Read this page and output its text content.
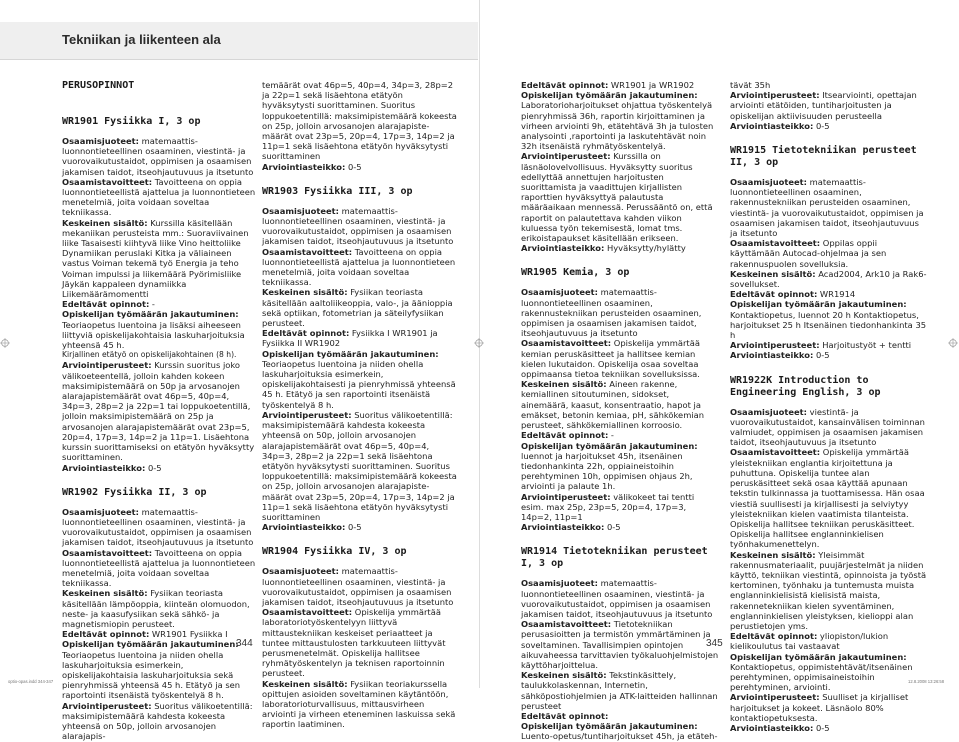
Tekniikan ja liikenteen ala

PERUSOPINNOT

WR1901 Fysiikka I, 3 op

Osaamisjuoteet: matemaattis-luonnontieteellinen osaaminen, viestintä- ja vuorovaikutustaidot, oppimisen ja osaamisen jakamisen taidot, itseohjautuvuus ja itsetunto

Osaamistavoitteet: Tavoitteena on oppia luonnontieteellistä ajattelua ja luonnontieteen menetelmiä, joita voidaan soveltaa tekniikassa.

Keskeinen sisältö: Kurssilla käsitellään mekaniikan perusteista mm.: Suoraviivainen liike Tasaisesti kiihtyvä liike Vino heittoliike Dynamiikan peruslaki Kitka ja väliaineen vastus Voiman tekemä työ Energia ja teho Voiman impulssi ja liikemäärä Pyörimisliike Jäykän kappaleen dynamiikka Liikemäärämomentti

Edeltävät opinnot: -

Opiskelijan työmäärän jakautuminen: Teoriaopetus luentoina ja lisäksi aiheeseen liittyviä opiskelijakohtaisia laskuharjoituksia yhteensä 45 h.

Kirjallinen etätyö on opiskelijakohtainen (8 h).

Arviointiperusteet: Kurssin suoritus joko välikoeteentellä, jolloin kahden kokeen maksimipistemäärä on 50p ja arvosanojen alarajapistemäärät ovat 46p=5, 40p=4, 34p=3, 28p=2 ja 22p=1 tai loppukoetentillä, jolloin maksimipistemäärä on 25p ja arvosanojen alarajapistemäärät ovat 23p=5, 20p=4, 17p=3, 14p=2 ja 11p=1. Lisäehtona kurssin suorittamiseksi on etätyön hyväksytty suorittaminen.

Arviointiasteikko: 0-5

WR1902 Fysiikka II, 3 op

Osaamisjuoteet: matemaattis-luonnontieteellinen osaaminen, viestintä- ja vuorovaikutustaidot, oppimisen ja osaamisen jakamisen taidot, itseohjautuvuus ja itsetunto

Osaamistavoitteet: Tavoitteena on oppia luonnontieteellistä ajattelua ja luonnontieteen menetelmiä, joita voidaan soveltaa tekniikassa.

Keskeinen sisältö: Fysiikan teoriasta käsitellään lämpöoppia, kiinteän olomuodon, neste- ja kaasufysiikan sekä sähkö- ja magnetismiopin perusteet.

Edeltävät opinnot: WR1901 Fysiikka I

Opiskelijan työmäärän jakautuminen: Teoriaopetus luentoina ja niiden ohella laskuharjoituksia esimerkein, opiskelijakohtaisia laskuharjoituksia sekä pienryhmissä yhteensä 45 h. Etätyö ja sen raportointi itsenäistä työskentelyä 8 h.

Arviointiperusteet: Suoritus välikoetentillä: maksimipistemäärä kahdesta kokeesta yhteensä on 50p, jolloin arvosanojen alarajapis-

temäärät ovat 46p=5, 40p=4, 34p=3, 28p=2 ja 22p=1 sekä lisäehtona etätyön hyväksytysti suorittaminen. Suoritus loppukoetentillä: maksimipistemäärä kokeesta on 25p, jolloin arvosanojen alarajapiste- määrät ovat 23p=5, 20p=4, 17p=3, 14p=2 ja 11p=1 sekä lisäehtona etätyön hyväksytysti suorittaminen

Arviointiasteikko: 0-5

WR1903 Fysiikka III, 3 op

Osaamisjuoteet: matemaattis-luonnontieteellinen osaaminen, viestintä- ja vuorovaikutustaidot, oppimisen ja osaamisen jakamisen taidot, itseohjautuvuus ja itsetunto

Osaamistavoitteet: Tavoitteena on oppia luonnontieteellistä ajattelua ja luonnontieteen menetelmiä, joita voidaan soveltaa tekniikassa.

Keskeinen sisältö: Fysiikan teoriasta käsitellään aaltoliikeoppia, valo-, ja äänioppia sekä optiikan, fotometrian ja säteilyfysiikan perusteet.

Edeltävät opinnot: Fysiikka I WR1901 ja Fysiikka II WR1902

Opiskelijan työmäärän jakautuminen: Teoriaopetus luentoina ja niiden ohella laskuharjoituksia esimerkein, opiskelijakohtaisesti ja pienryhmissä yhteensä 45 h. Etätyö ja sen raportointi itsenäistä työskentelyä 8 h.

Arviointiperusteet: Suoritus välikoetentillä: maksimipistemäärä kahdesta kokeesta yhteensä on 50p, jolloin arvosanojen alarajapistemäärät ovat 46p=5, 40p=4, 34p=3, 28p=2 ja 22p=1 sekä lisäehtona etätyön hyväksytysti suorittaminen. Suoritus loppukoetentillä: maksimipistemäärä kokeesta on 25p, jolloin arvosanojen alarajapiste- määrät ovat 23p=5, 20p=4, 17p=3, 14p=2 ja 11p=1 sekä lisäehtona etätyön hyväksytysti suorittaminen

Arviointiasteikko: 0-5

WR1904 Fysiikka IV, 3 op

Osaamisjuoteet: matemaattis-luonnontieteellinen osaaminen, viestintä- ja vuorovaikutustaidot, oppimisen ja osaamisen jakamisen taidot, itseohjautuvuus ja itsetunto

Osaamistavoitteet: Opiskelija ymmärtää laboratoriotyöskentelyyn liittyvä mittaustekniikan keskeiset periaatteet ja tuntee mittaustulosten tarkkuuteen liittyvät perusmenetelmät. Opiskelija hallitsee ryhmätyöskentelyn ja teknisen raportoinnin perusteet.

Keskeinen sisältö: Fysiikan teoriakurssella opittujen asioiden soveltaminen käytäntöön, laboratorioturvallisuus, mittausvirheen arviointi ja virheen eteneminen laskuissa sekä raportin laatiminen.

344
optio-opas.indd 344-347

Edeltävät opinnot: WR1901 ja WR1902

Opiskelijan työmäärän jakautuminen: Laboratorioharjoitukset ohjattua työskentelyä pienryhmissä 36h, raportin kirjoittaminen ja virheen arviointi 9h, etätehtävä 3h ja tulosten analysointi ,raportointi ja laskutehtävät noin 32h itsenäistä ryhmätyöskentelyä.

Arviointiperusteet: Kurssilla on läsnäolovelvollisuus. Hyväksytty suoritus edellyttää annettujen harjoitusten suorittamista ja vaadittujen kirjallisten raporttien hyväksyttyä palautusta määräaikaan mennessä. Perussääntö on, että raportit on palautettava kahden viikon kuluessa työn tekemisestä, lomat tms. erikoistapaukset käsitellään erikseen.

Arviointiasteikko: Hyväksytty/hylätty

WR1905 Kemia, 3 op

Osaamisjuoteet: matemaattis-luonnontieteellinen osaaminen, rakennustekniikan perusteiden osaaminen, oppimisen ja osaamisen jakamisen taidot, itseohjautuvuus ja itsetunto

Osaamistavoitteet: Opiskelija ymmärtää kemian peruskäsitteet ja hallitsee kemian kielen lukutaidon. Opiskelija osaa soveltaa oppimaansa tietoa tekniikan sovelluksissa.

Keskeinen sisältö: Aineen rakenne, kemiallinen sitoutuminen, sidokset, ainemäärä, kaasut, konsentraatio, hapot ja emäkset, betonin kemiaa, pH, sähkökemian perusteet, sähkökemiallinen korroosio.

Edeltävät opinnot: -

Opiskelijan työmäärän jakautuminen: luennot ja harjoitukset 45h, itsenäinen tiedonhankinta 22h, oppiaineistoihin perehtyminen 10h, oppimisen ohjaus 2h, arviointi ja palaute 1h.

Arviointiperusteet: välikokeet tai tentti esim. max 25p, 23p=5, 20p=4, 17p=3, 14p=2, 11p=1

Arviointiasteikko: 0-5

WR1914 Tietotekniikan perusteet I, 3 op

Osaamisjuoteet: matemaattis-luonnontieteellinen osaaminen, viestintä- ja vuorovaikutustaidot, oppimisen ja osaamisen jakamisen taidot, itseohjautuvuus ja itsetunto

Osaamistavoitteet: Tietotekniikan perusasioitten ja termistön ymmärtäminen ja soveltaminen. Tavallisimpien opintojen aikuvaheessa tarvittavien työkaluohjelmistojen käyttöharjoittelua.

Keskeinen sisältö: Tekstinkäsittely, taulukkolaskennan, Internetin, sähköpostiohjelmien ja ATK-laitteiden hallinnan perusteet

Edeltävät opinnot:

Opiskelijan työmäärän jakautuminen: Luento-opetus/tuntiharjoitukset 45h, ja etäteh-

tävät 35h

Arviointiperusteet: Itsearviointi, opettajan arviointi etätöiden, tuntiharjoitusten ja opiskelijan aktiivisuuden perusteella

Arviointiasteikko: 0-5

WR1915 Tietotekniikan perusteet II, 3 op

Osaamisjuoteet: matemaattis-luonnontieteellinen osaaminen, rakennustekniikan perusteiden osaaminen, viestintä- ja vuorovaikutustaidot, oppimisen ja osaamisen jakamisen taidot, itseohjautuvuus ja itsetunto

Osaamistavoitteet: Oppilas oppii käyttämään Autocad-ohjelmaa ja sen rakennuspuolen sovelluksia.

Keskeinen sisältö: Acad2004, Ark10 ja Rak6-sovellukset.

Edeltävät opinnot: WR1914

Opiskelijan työmäärän jakautuminen: Kontaktiopetus, luennot 20 h Kontaktiopetus, harjoitukset 25 h Itsenäinen tiedonhankinta 35 h

Arviointiperusteet: Harjoitustyöt + tentti

Arviointiasteikko: 0-5

WR1922K Introduction to Engineering English, 3 op

Osaamisjuoteet: viestintä- ja vuorovaikutustaidot, kansainvälisen toiminnan valmiudet, oppimisen ja osaamisen jakamisen taidot, itseohjautuvuus ja itsetunto

Osaamistavoitteet: Opiskelija ymmärtää yleistekniikan englantia kirjoitettuna ja puhuttuna. Opiskelija tuntee alan peruskäsitteet sekä osaa käyttää apunaan tekstin tulkinnassa ja tuottamisessa. Hän osaa viestiä suullisesti ja kirjallisesti ja selviytyy yleistekniikan kielen vaatimista tilanteista. Opiskelija hallitsee tekniikan peruskäsitteet. Opiskelija hallitsee englanninkielisen työnhakumenettelyn.

Keskeinen sisältö: Yleisimmät rakennusmateriaalit, puujärjestelmät ja niiden käyttö, tekniikan viestintä, opinnoista ja työstä kertominen, työnhaku ja tuntemusta muista englanninkielisistä kielisistä maista, rakennetekniikan kielen syventäminen, englanninkielisen yleistyksen, kielioppi alan perustietojen yms.

Edeltävät opinnot: yliopiston/lukion kielikoulutus tai vastaavat

Opiskelijan työmäärän jakautuminen: Kontaktiopetus, oppimistehtävät/itsenäinen perehtyminen, oppimisaineistoihin perehtyminen, arviointi.

Arviointiperusteet: Suulliset ja kirjalliset harjoitukset ja kokeet. Läsnäolo 80% kontaktiopetuksesta.

Arviointiasteikko: 0-5

345
12.8.2008 13:26:58
